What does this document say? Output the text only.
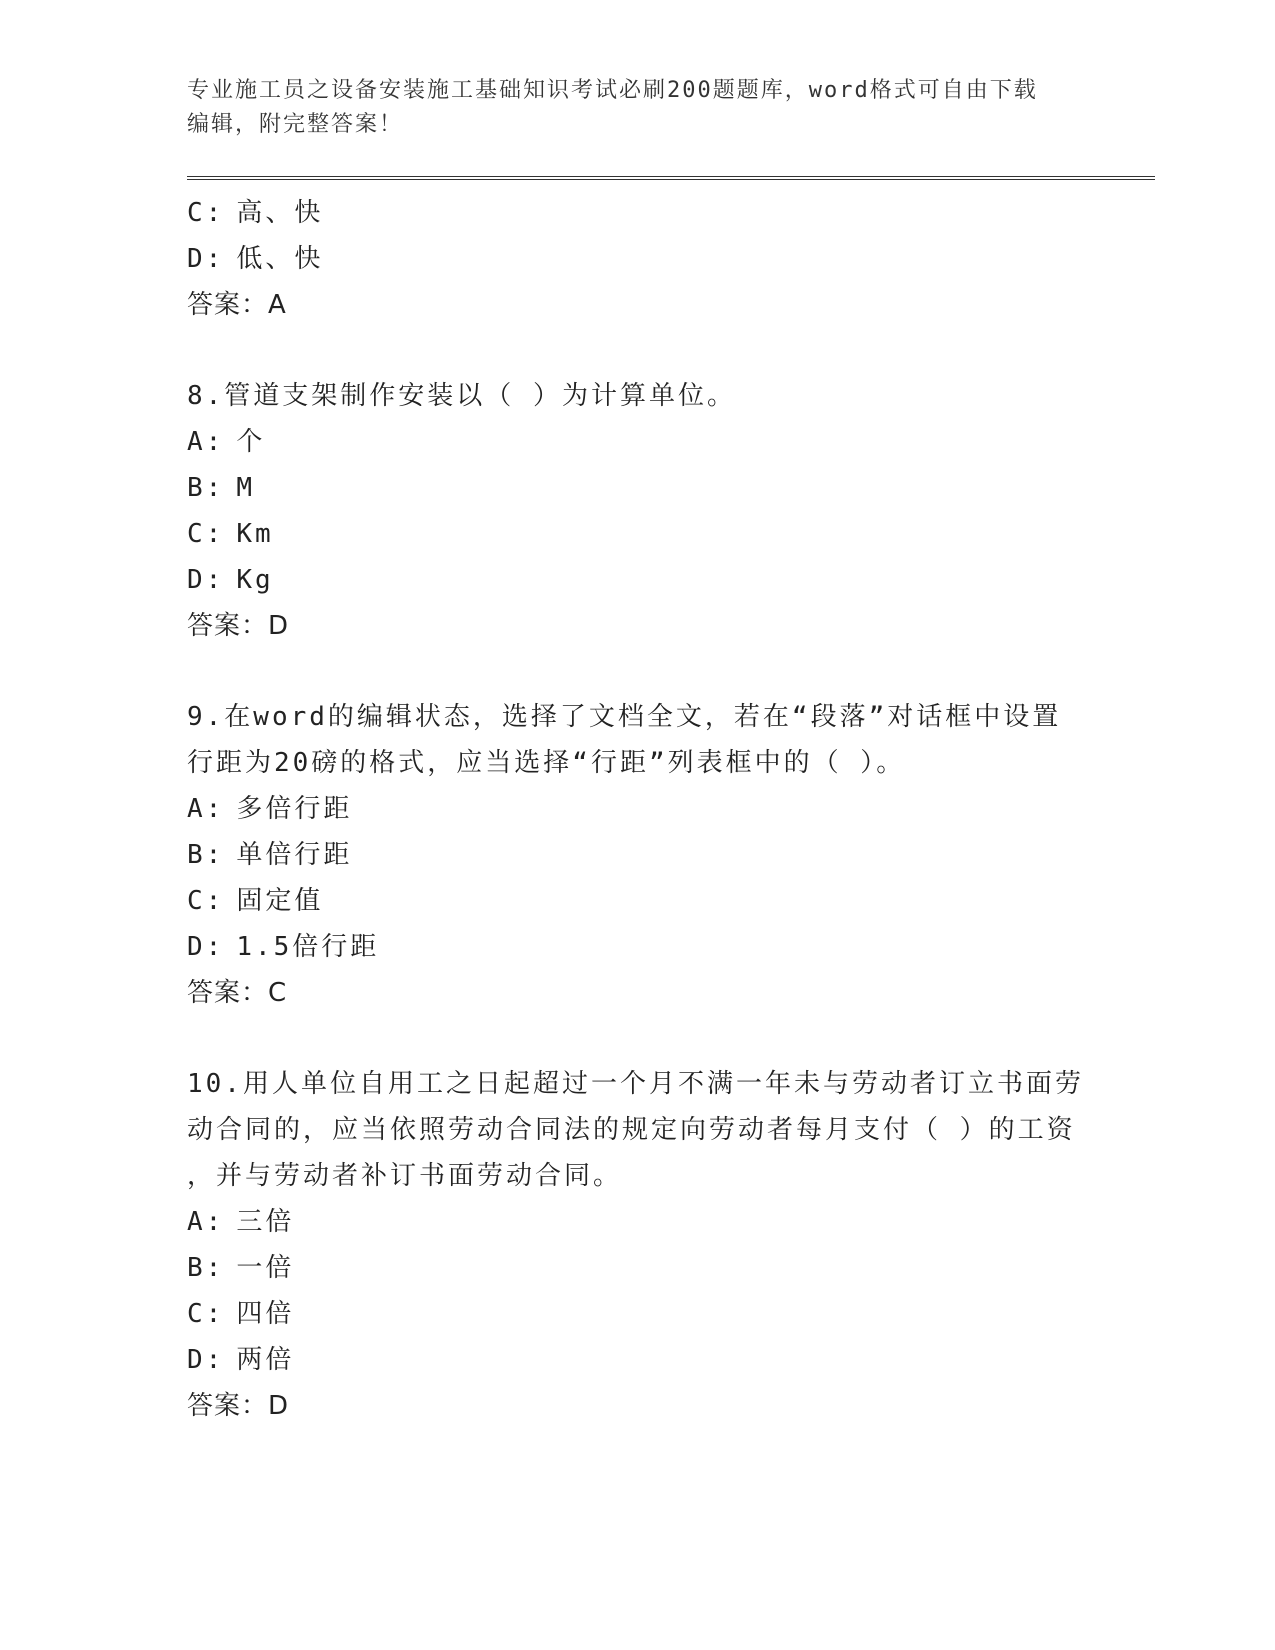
专业施工员之设备安装施工基础知识考试必刷200题题库，word格式可自由下载
编辑，附完整答案！
C: 高、快
D: 低、快
答案：A
8.管道支架制作安装以（ ）为计算单位。
A: 个
B: M
C: Km
D: Kg
答案：D
9.在word的编辑状态，选择了文档全文，若在“段落”对话框中设置
行距为20磅的格式，应当选择“行距”列表框中的（ ）。
A: 多倍行距
B: 单倍行距
C: 固定值
D: 1.5倍行距
答案：C
10.用人单位自用工之日起超过一个月不满一年未与劳动者订立书面劳
动合同的，应当依照劳动合同法的规定向劳动者每月支付（ ）的工资
，并与劳动者补订书面劳动合同。
A: 三倍
B: 一倍
C: 四倍
D: 两倍
答案：D
